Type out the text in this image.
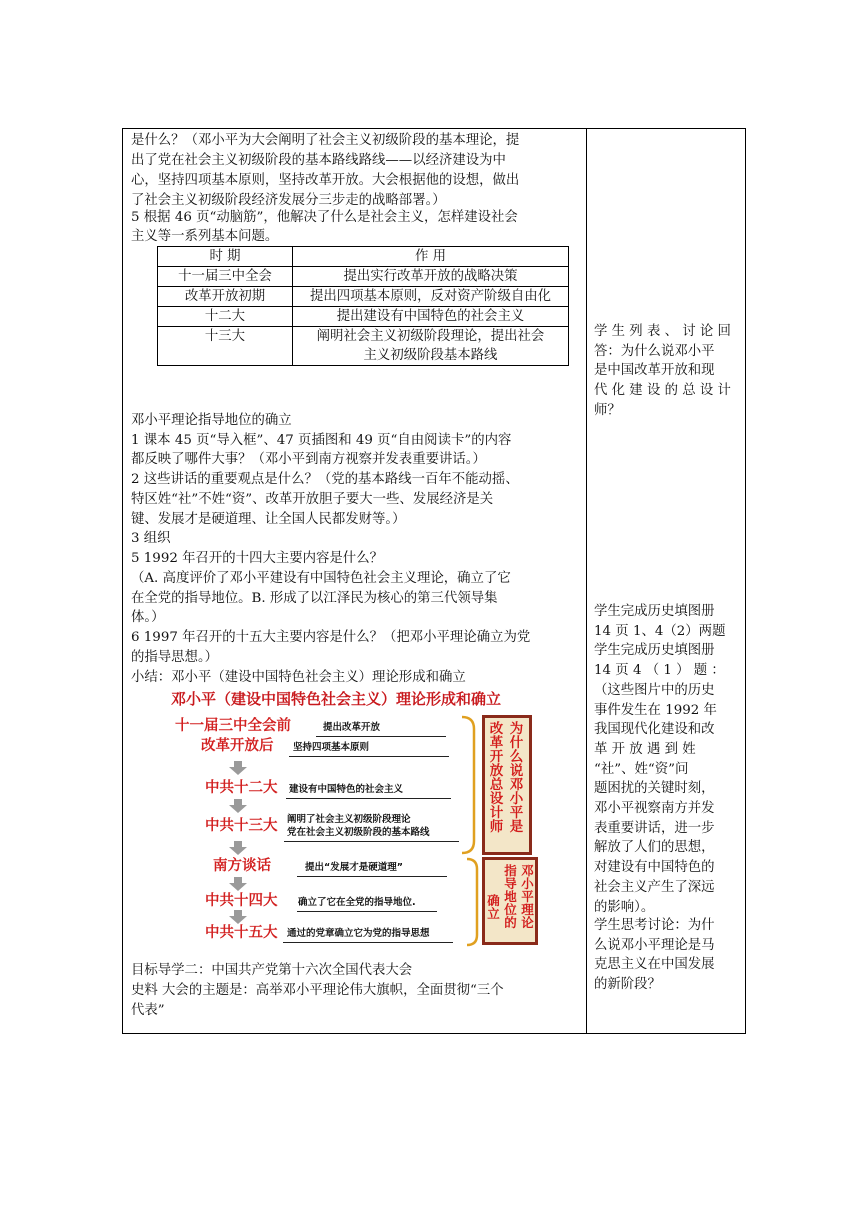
是什么？（邓小平为大会阐明了社会主义初级阶段的基本理论，提
出了党在社会主义初级阶段的基本路线路线——以经济建设为中
心，坚持四项基本原则，坚持改革开放。大会根据他的设想，做出
了社会主义初级阶段经济发展分三步走的战略部署。）
5 根据 46 页“动脑筋”，他解决了什么是社会主义，怎样建设社会
主义等一系列基本问题。
时 期	作 用
十一届三中全会	提出实行改革开放的战略决策
改革开放初期	提出四项基本原则，反对资产阶级自由化
十二大	提出建设有中国特色的社会主义
十三大	阐明社会主义初级阶段理论，提出社会主义初级阶段基本路线
邓小平理论指导地位的确立
1 课本 45 页“导入框”、47 页插图和 49 页“自由阅读卡”的内容
都反映了哪件大事？（邓小平到南方视察并发表重要讲话。）
2 这些讲话的重要观点是什么？（党的基本路线一百年不能动摇、
特区姓“社”不姓“资”、改革开放胆子要大一些、发展经济是关
键、发展才是硬道理、让全国人民都发财等。）
3 组织
5 1992 年召开的十四大主要内容是什么？
（A. 高度评价了邓小平建设有中国特色社会主义理论，确立了它
在全党的指导地位。B. 形成了以江泽民为核心的第三代领导集
体。）
6 1997 年召开的十五大主要内容是什么？（把邓小平理论确立为党
的指导思想。）
小结：邓小平（建设中国特色社会主义）理论形成和确立
目标导学二：中国共产党第十六次全国代表大会
史料 大会的主题是：高举邓小平理论伟大旗帜，全面贯彻“三个
代表”
学 生 列 表 、 讨 论 回
答：为什么说邓小平
是中国改革开放和现
代 化 建 设 的 总 设 计
师？
学生完成历史填图册
14 页 1、4（2）两题
学生完成历史填图册
14 页 4 （ 1 ） 题 ：
（这些图片中的历史
事件发生在 1992 年
我国现代化建设和改
革 开 放 遇 到 姓
“社”、姓“资”问
题困扰的关键时刻，
邓小平视察南方并发
表重要讲话，进一步
解放了人们的思想，
对建设有中国特色的
社会主义产生了深远
的影响）。
学生思考讨论：为什
么说邓小平理论是马
克思主义在中国发展
的新阶段？
邓小平（建设中国特色社会主义）理论形成和确立
十一届三中全会前	提出改革开放
改革开放后 坚持四项基本原则
中共十二大 建设有中国特色的社会主义
中共十三大 阐明了社会主义初级阶段理论
党在社会主义初级阶段的基本路线
南方谈话	提出“发展才是硬道理”
中共十四大 确立了它在全党的指导地位.
中共十五大 通过的党章确立它为党的指导思想
改革开放总设计师
为什么说邓小平是
确立
指导地位的
邓小平理论
